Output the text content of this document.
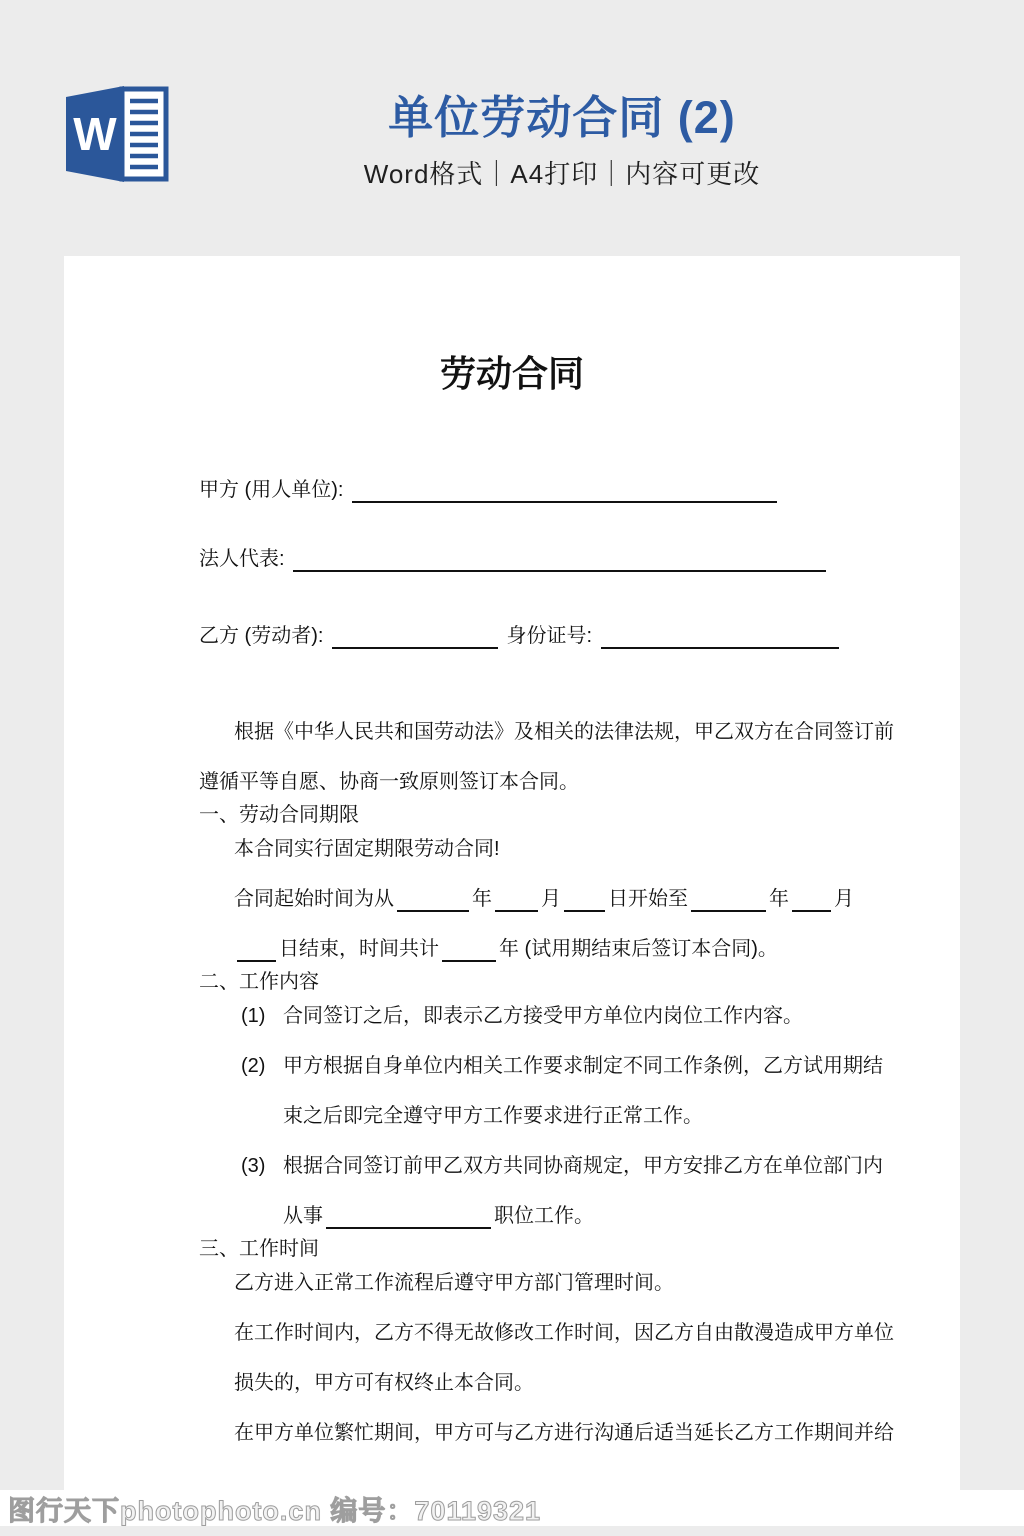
W	单位劳动合同 (2)
Word格式｜A4打印｜内容可更改
劳动合同
甲方 (用人单位):
法人代表:
乙方 (劳动者):	身份证号:
根据《中华人民共和国劳动法》及相关的法律法规，甲乙双方在合同签订前
遵循平等自愿、协商一致原则签订本合同。
一、劳动合同期限
本合同实行固定期限劳动合同!
合同起始时间为从	年 月 日开始至	年 月
日结束，时间共计	年 (试用期结束后签订本合同)。
二、工作内容
(1) 合同签订之后，即表示乙方接受甲方单位内岗位工作内容。
(2) 甲方根据自身单位内相关工作要求制定不同工作条例，乙方试用期结
束之后即完全遵守甲方工作要求进行正常工作。
(3) 根据合同签订前甲乙双方共同协商规定，甲方安排乙方在单位部门内
从事	职位工作。
三、工作时间
乙方进入正常工作流程后遵守甲方部门管理时间。
在工作时间内，乙方不得无故修改工作时间，因乙方自由散漫造成甲方单位
损失的，甲方可有权终止本合同。
在甲方单位繁忙期间，甲方可与乙方进行沟通后适当延长乙方工作期间并给
图行天下photophoto.cn 编号：70119321
